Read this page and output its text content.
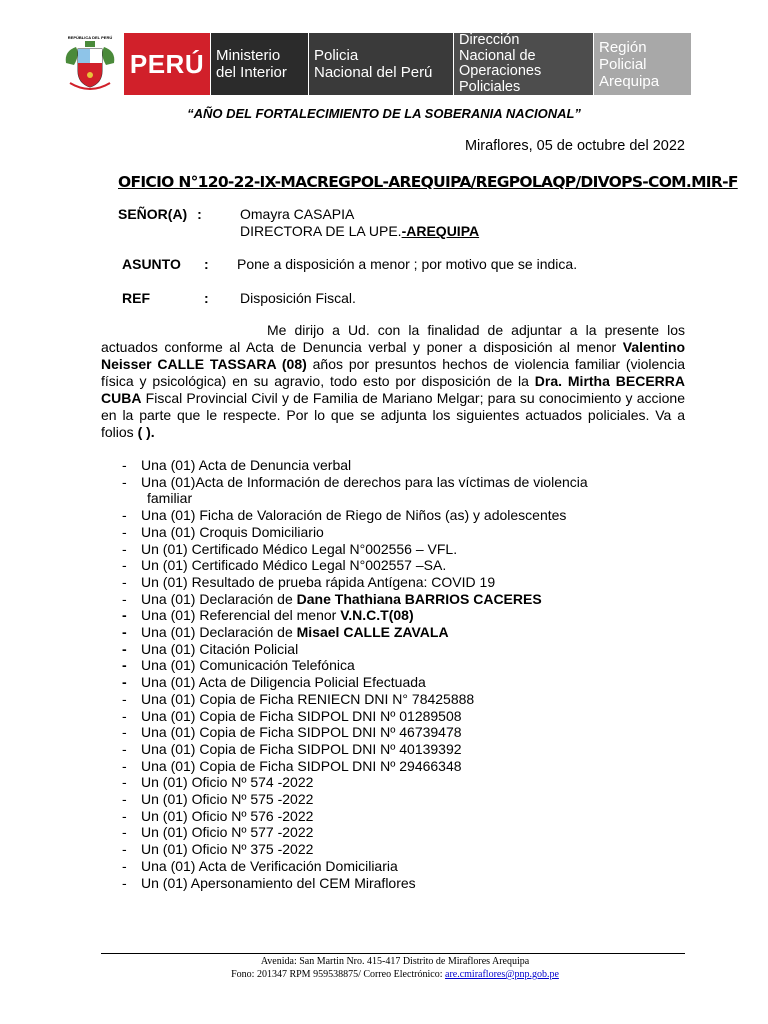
REPÚBLICA DEL PERÚ
PERÚ Ministerio
del Interior
Policia
Nacional del Perú
Dirección
Nacional de
Operaciones
Policiales
Región
Policial
Arequipa
“AÑO DEL FORTALECIMIENTO DE LA SOBERANIA NACIONAL”
Miraflores, 05 de octubre del 2022
OFICIO N°120-22-IX-MACREGPOL-AREQUIPA/REGPOLAQP/DIVOPS-COM.MIR-F
SEÑOR(A) :	Omayra CASAPIA
DIRECTORA DE LA UPE.-AREQUIPA
ASUNTO : Pone a disposición a menor ; por motivo que se indica.
REF	: Disposición Fiscal.
Me dirijo a Ud. con la finalidad de adjuntar a la presente los actuados conforme al Acta de Denuncia verbal y poner a disposición al menor Valentino Neisser CALLE TASSARA (08) años por presuntos hechos de violencia familiar (violencia física y psicológica) en su agravio, todo esto por disposición de la Dra. Mirtha BECERRA CUBA Fiscal Provincial Civil y de Familia de Mariano Melgar; para su conocimiento y accione en la parte que le respecte. Por lo que se adjunta los siguientes actuados policiales. Va a folios ( ).
- Una (01) Acta de Denuncia verbal
- Una (01)Acta de Información de derechos para las víctimas de violencia
familiar
- Una (01) Ficha de Valoración de Riego de Niños (as) y adolescentes
- Una (01) Croquis Domiciliario
- Un (01) Certificado Médico Legal N°002556 – VFL.
- Un (01) Certificado Médico Legal N°002557 –SA.
- Un (01) Resultado de prueba rápida Antígena: COVID 19
- Una (01) Declaración de Dane Thathiana BARRIOS CACERES
- Una (01) Referencial del menor V.N.C.T(08)
- Una (01) Declaración de Misael CALLE ZAVALA
- Una (01) Citación Policial
- Una (01) Comunicación Telefónica
- Una (01) Acta de Diligencia Policial Efectuada
- Una (01) Copia de Ficha RENIECN DNI N° 78425888
- Una (01) Copia de Ficha SIDPOL DNI Nº 01289508
- Una (01) Copia de Ficha SIDPOL DNI Nº 46739478
- Una (01) Copia de Ficha SIDPOL DNI Nº 40139392
- Una (01) Copia de Ficha SIDPOL DNI Nº 29466348
- Un (01) Oficio Nº 574 -2022
- Un (01) Oficio Nº 575 -2022
- Un (01) Oficio Nº 576 -2022
- Un (01) Oficio Nº 577 -2022
- Un (01) Oficio Nº 375 -2022
- Una (01) Acta de Verificación Domiciliaria
- Un (01) Apersonamiento del CEM Miraflores
Avenida: San Martin Nro. 415-417 Distrito de Miraflores Arequipa
Fono: 201347 RPM 959538875/ Correo Electrónico: are.cmiraflores@pnp.gob.pe
